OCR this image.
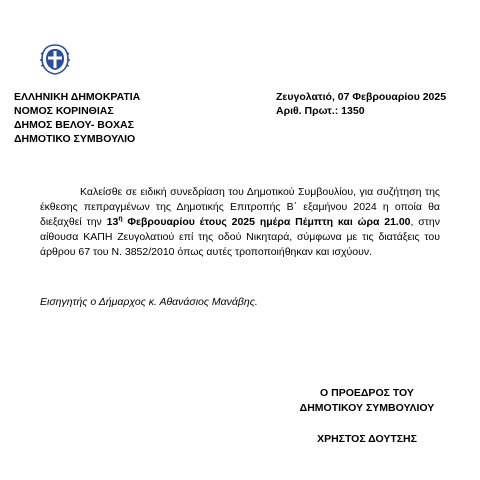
ΕΛΛΗΝΙΚΗ ΔΗΜΟΚΡΑΤΙΑ
ΝΟΜΟΣ ΚΟΡΙΝΘΙΑΣ
ΔΗΜΟΣ ΒΕΛΟΥ- ΒΟΧΑΣ
ΔΗΜΟΤΙΚΟ ΣΥΜΒΟΥΛΙΟ
Ζευγολατιό, 07 Φεβρουαρίου 2025
Αριθ. Πρωτ.: 1350
Καλείσθε σε ειδική συνεδρίαση του Δημοτικού Συμβουλίου, για συζήτηση της έκθεσης πεπραγμένων της Δημοτικής Επιτροπής Β΄ εξαμήνου 2024 η οποία θα διεξαχθεί την $13^\eta$ Φεβρουαρίου έτους 2025 ημέρα Πέμπτη και ώρα 21.00, στην αίθουσα ΚΑΠΗ Ζευγολατιού επί της οδού Νικηταρά, σύμφωνα με τις διατάξεις του άρθρου 67 του Ν. 3852/2010 όπως αυτές τροποποιήθηκαν και ισχύουν.
Εισηγητής ο Δήμαρχος κ. Αθανάσιος Μανάβης.
Ο ΠΡΟΕΔΡΟΣ ΤΟΥ
ΔΗΜΟΤΙΚΟΥ ΣΥΜΒΟΥΛΙΟΥ
ΧΡΗΣΤΟΣ ΔΟΥΤΣΗΣ
